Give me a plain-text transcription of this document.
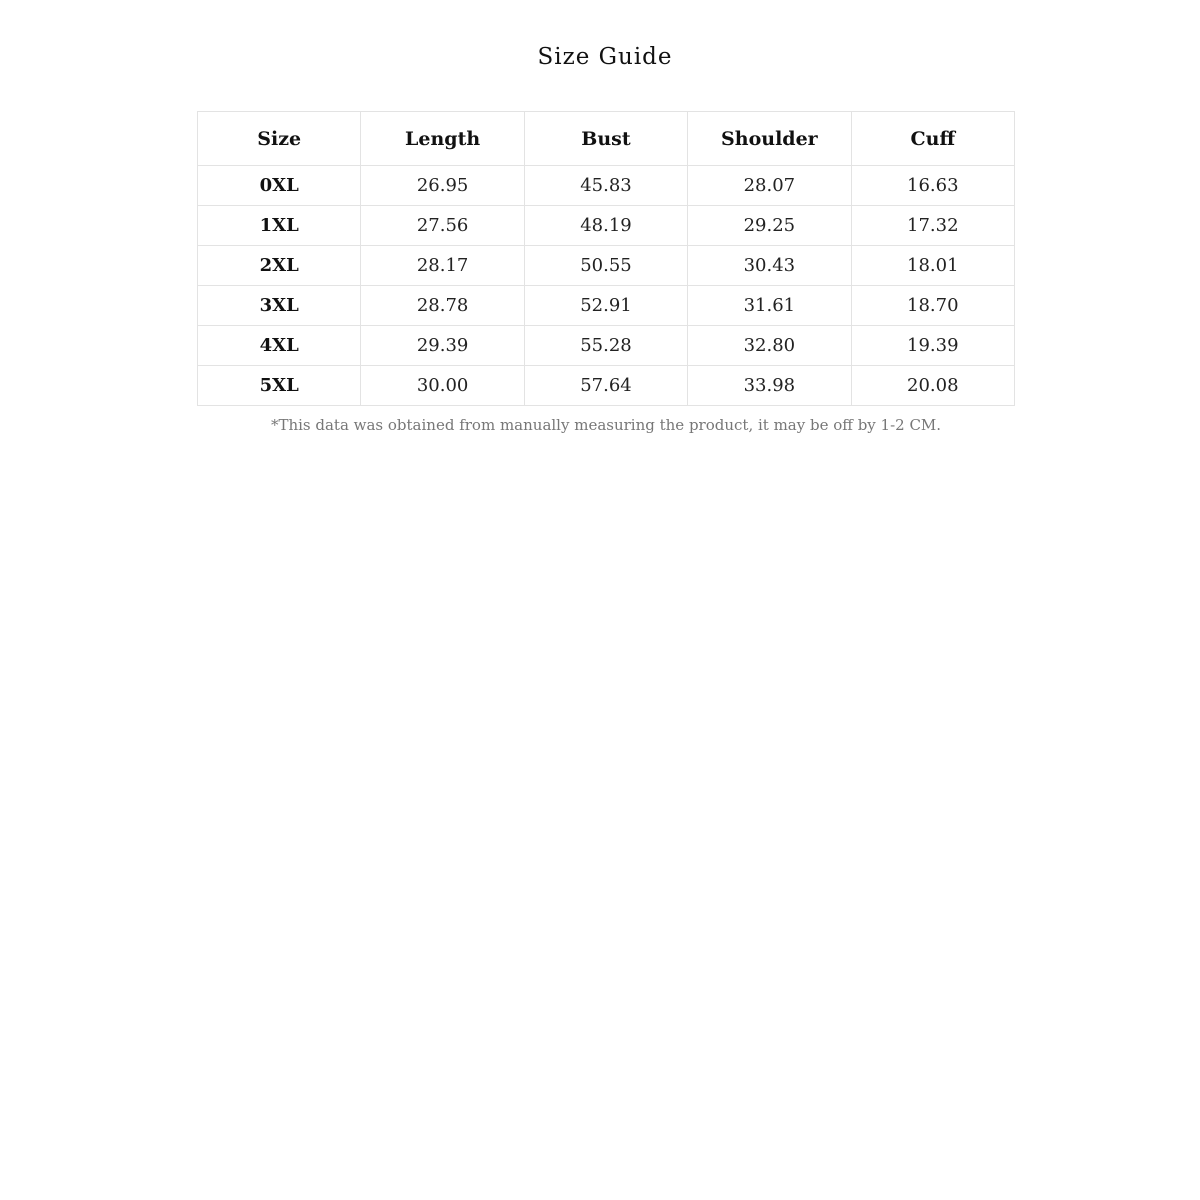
Size Guide
Size	Length	Bust	Shoulder	Cuff
0XL	26.95	45.83	28.07	16.63
1XL	27.56	48.19	29.25	17.32
2XL	28.17	50.55	30.43	18.01
3XL	28.78	52.91	31.61	18.70
4XL	29.39	55.28	32.80	19.39
5XL	30.00	57.64	33.98	20.08

*This data was obtained from manually measuring the product, it may be off by 1-2 CM.
